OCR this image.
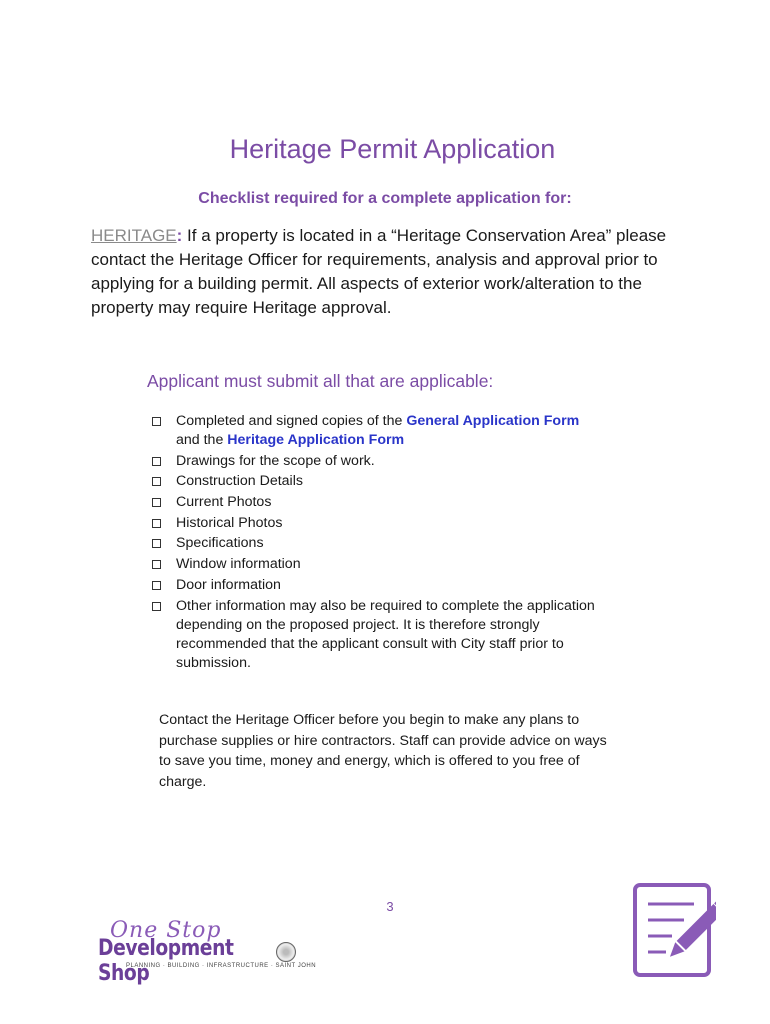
Heritage Permit Application
Checklist required for a complete application for:
HERITAGE: If a property is located in a “Heritage Conservation Area” please contact the Heritage Officer for requirements, analysis and approval prior to applying for a building permit. All aspects of exterior work/alteration to the property may require Heritage approval.
Applicant must submit all that are applicable:
Completed and signed copies of the General Application Form
and the Heritage Application Form
Drawings for the scope of work.
Construction Details
Current Photos
Historical Photos
Specifications
Window information
Door information
Other information may also be required to complete the application depending on the proposed project. It is therefore strongly recommended that the applicant consult with City staff prior to submission.
Contact the Heritage Officer before you begin to make any plans to purchase supplies or hire contractors. Staff can provide advice on ways to save you time, money and energy, which is offered to you free of charge.
3
One Stop
Development Shop
PLANNING · BUILDING · INFRASTRUCTURE · SAINT JOHN
